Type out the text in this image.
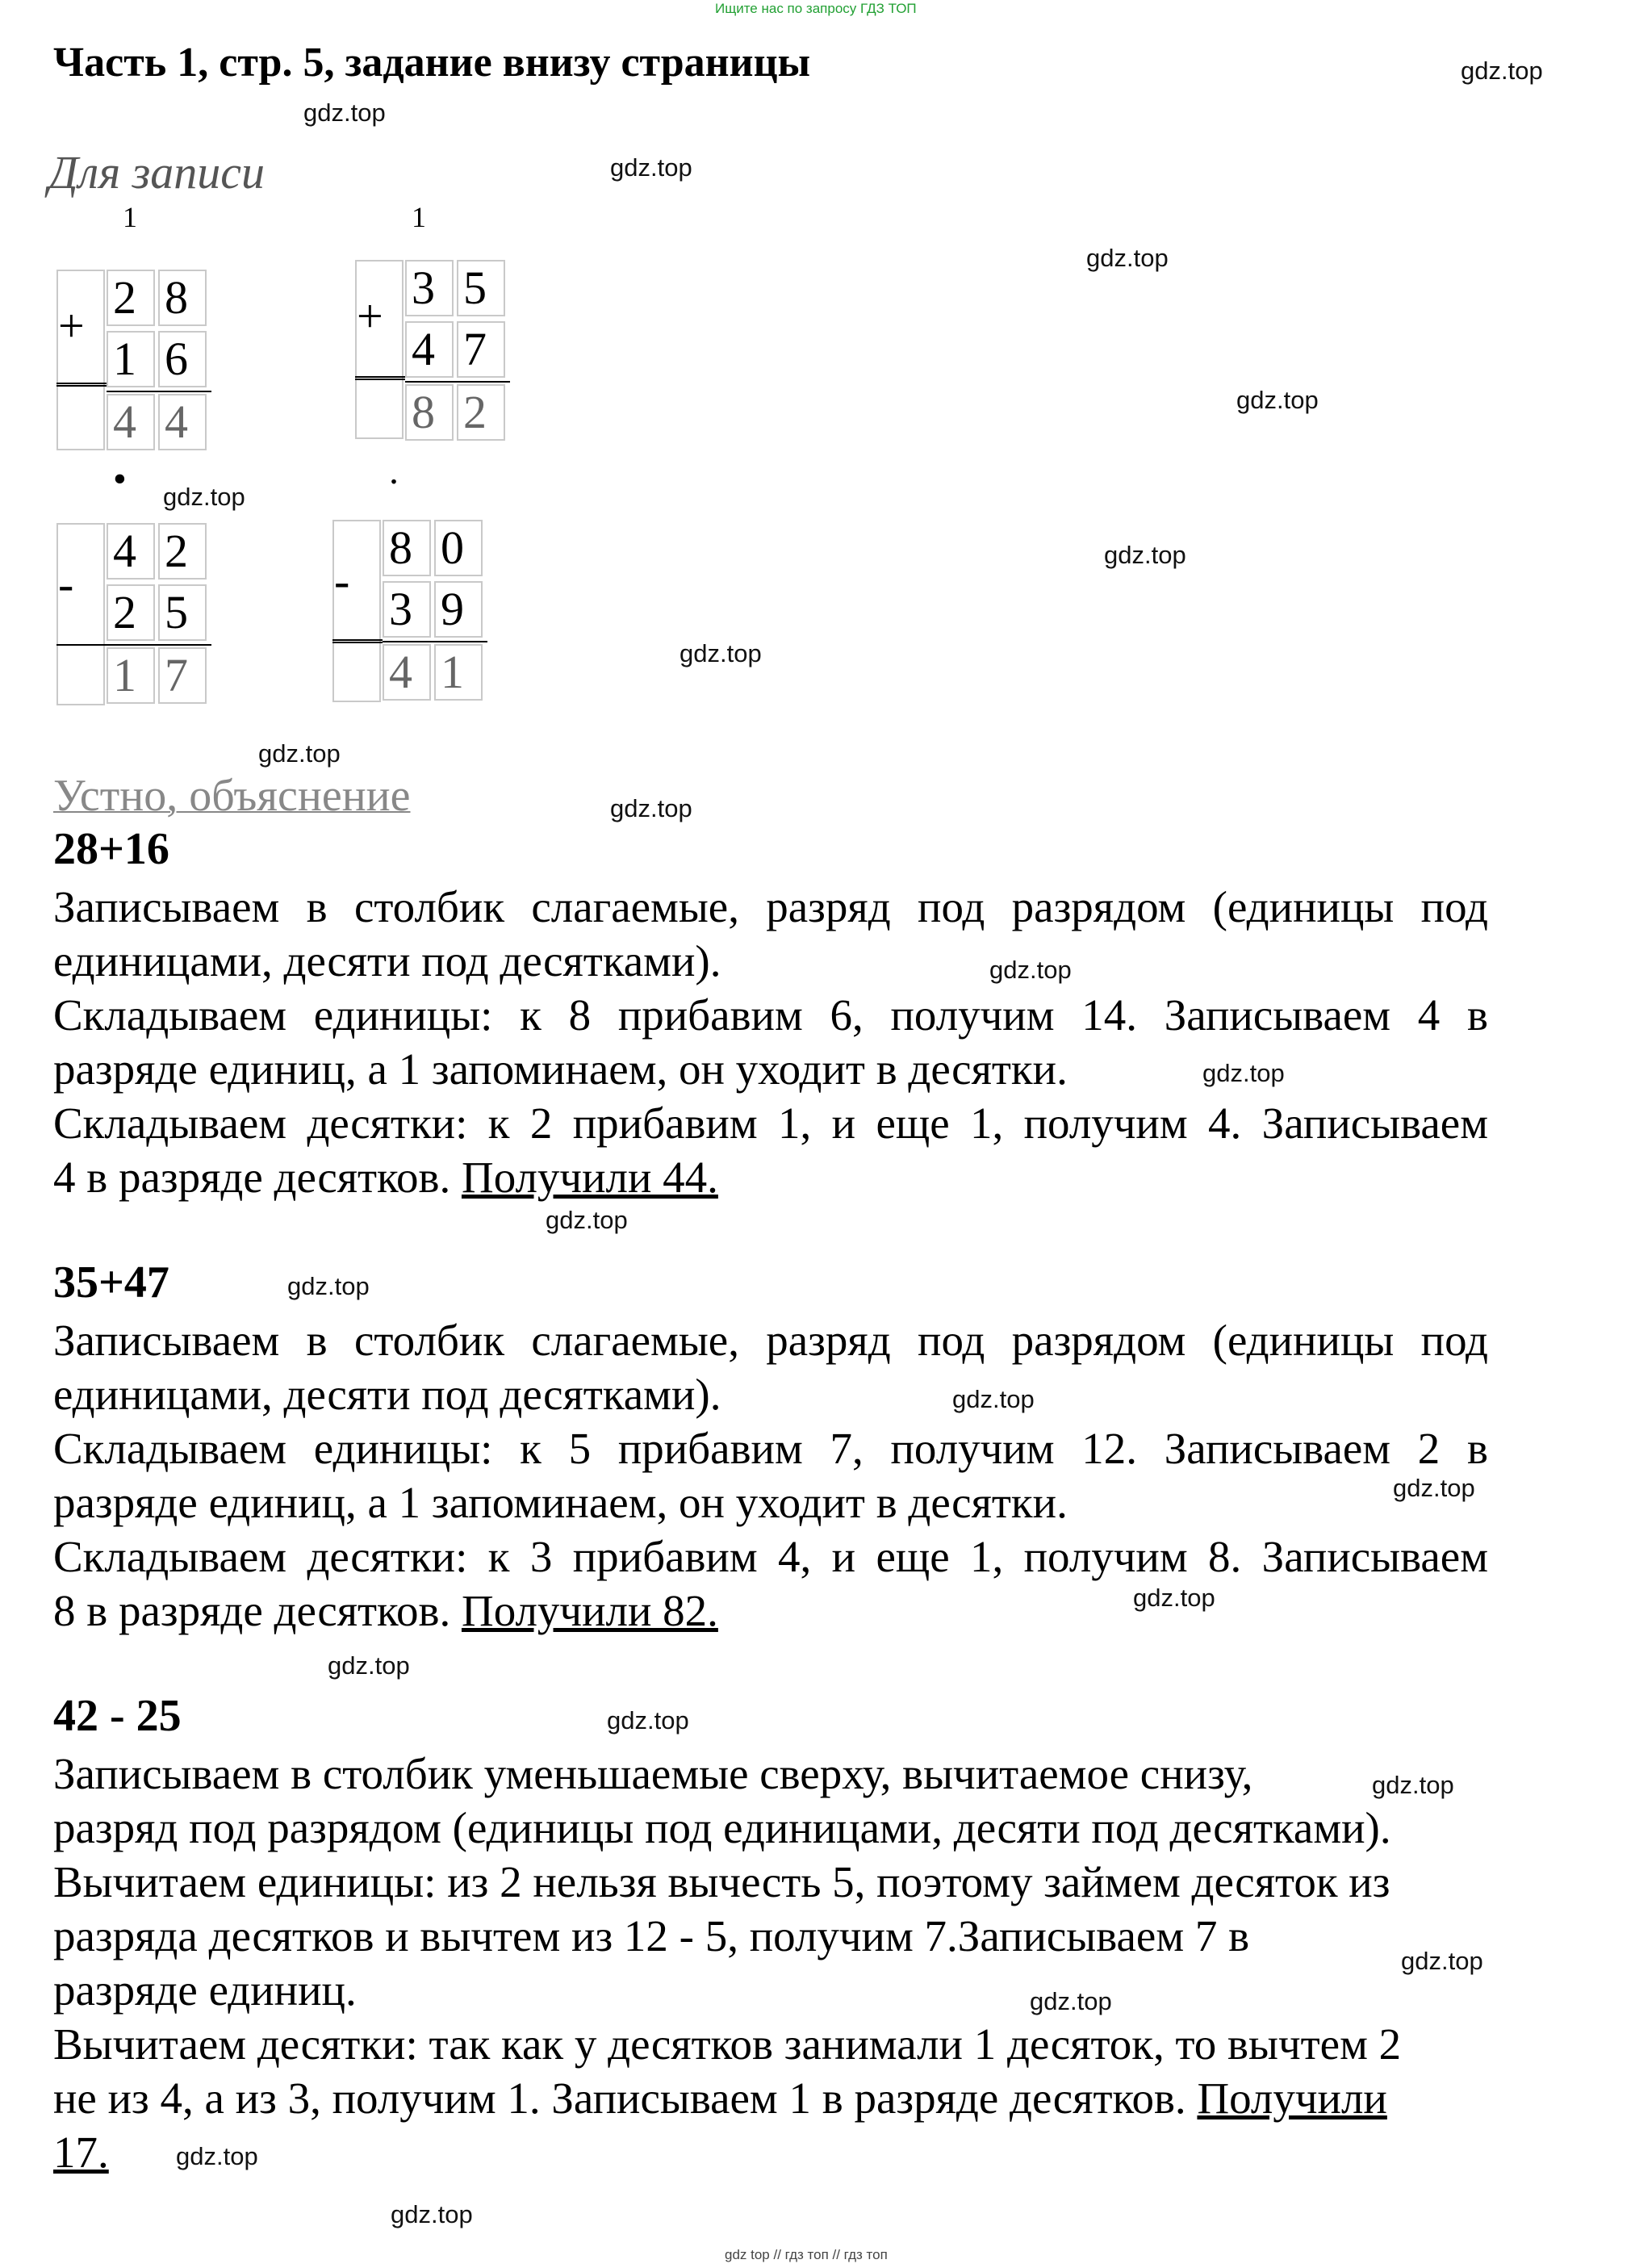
Ищите нас по запросу ГДЗ ТОП
Часть 1, стр. 5, задание внизу страницы
Для записи
1
+
2 8
1 6
4 4
•
1
+
3 5
4 7
8 2
.
-
4 2
2 5
1 7
-
8 0
3 9
4 1
Устно, объяснение
28+16
Записываем в столбик слагаемые, разряд под разрядом (единицы под
единицами, десяти под десятками).
Складываем единицы: к 8 прибавим 6, получим 14. Записываем 4 в
разряде единиц, а 1 запоминаем, он уходит в десятки.
Складываем десятки: к 2 прибавим 1, и еще 1, получим 4. Записываем
4 в разряде десятков. Получили 44.
35+47
Записываем в столбик слагаемые, разряд под разрядом (единицы под
единицами, десяти под десятками).
Складываем единицы: к 5 прибавим 7, получим 12. Записываем 2 в
разряде единиц, а 1 запоминаем, он уходит в десятки.
Складываем десятки: к 3 прибавим 4, и еще 1, получим 8. Записываем
8 в разряде десятков. Получили 82.
42 - 25
Записываем в столбик уменьшаемые сверху, вычитаемое снизу,
разряд под разрядом (единицы под единицами, десяти под десятками).
Вычитаем единицы: из 2 нельзя вычесть 5, поэтому займем десяток из
разряда десятков и вычтем из 12 - 5, получим 7.Записываем 7 в
разряде единиц.
Вычитаем десятки: так как у десятков занимали 1 десяток, то вычтем 2
не из 4, а из 3, получим 1. Записываем 1 в разряде десятков. Получили
17.
gdz.top
gdz.top
gdz.top
gdz.top
gdz.top
gdz.top
gdz.top
gdz.top
gdz.top
gdz.top
gdz.top
gdz.top
gdz.top
gdz.top
gdz.top
gdz.top
gdz.top
gdz.top
gdz.top
gdz.top
gdz.top
gdz.top
gdz.top
gdz.top
gdz top // гдз топ // гдз топ
